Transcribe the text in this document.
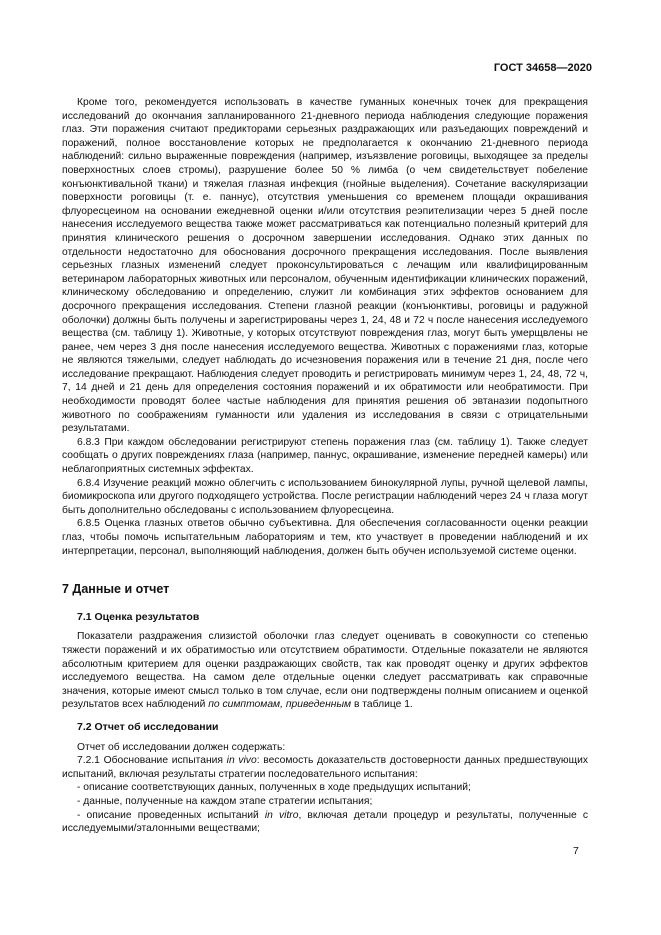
ГОСТ 34658—2020

Кроме того, рекомендуется использовать в качестве гуманных конечных точек для прекращения исследований до окончания запланированного 21-дневного периода наблюдения следующие поражения глаз. Эти поражения считают предикторами серьезных раздражающих или разъедающих повреждений и поражений, полное восстановление которых не предполагается к окончанию 21-дневного периода наблюдений: сильно выраженные повреждения (например, изъязвление роговицы, выходящее за пределы поверхностных слоев стромы), разрушение более 50 % лимба (о чем свидетельствует побеление конъюнктивальной ткани) и тяжелая глазная инфекция (гнойные выделения). Сочетание васкуляризации поверхности роговицы (т. е. паннус), отсутствия уменьшения со временем площади окрашивания флуоресцеином на основании ежедневной оценки и/или отсутствия реэпителизации через 5 дней после нанесения исследуемого вещества также может рассматриваться как потенциально полезный критерий для принятия клинического решения о досрочном завершении исследования. Однако этих данных по отдельности недостаточно для обоснования досрочного прекращения исследования. После выявления серьезных глазных изменений следует проконсультироваться с лечащим или квалифицированным ветеринаром лабораторных животных или персоналом, обученным идентификации клинических поражений, клиническому обследованию и определению, служит ли комбинация этих эффектов основанием для досрочного прекращения исследования. Степени глазной реакции (конъюнктивы, роговицы и радужной оболочки) должны быть получены и зарегистрированы через 1, 24, 48 и 72 ч после нанесения исследуемого вещества (см. таблицу 1). Животные, у которых отсутствуют повреждения глаз, могут быть умерщвлены не ранее, чем через 3 дня после нанесения исследуемого вещества. Животных с поражениями глаз, которые не являются тяжелыми, следует наблюдать до исчезновения поражения или в течение 21 дня, после чего исследование прекращают. Наблюдения следует проводить и регистрировать минимум через 1, 24, 48, 72 ч, 7, 14 дней и 21 день для определения состояния поражений и их обратимости или необратимости. При необходимости проводят более частые наблюдения для принятия решения об эвтаназии подопытного животного по соображениям гуманности или удаления из исследования в связи с отрицательными результатами.

6.8.3 При каждом обследовании регистрируют степень поражения глаз (см. таблицу 1). Также следует сообщать о других повреждениях глаза (например, паннус, окрашивание, изменение передней камеры) или неблагоприятных системных эффектах.

6.8.4 Изучение реакций можно облегчить с использованием бинокулярной лупы, ручной щелевой лампы, биомикроскопа или другого подходящего устройства. После регистрации наблюдений через 24 ч глаза могут быть дополнительно обследованы с использованием флуоресцеина.

6.8.5 Оценка глазных ответов обычно субъективна. Для обеспечения согласованности оценки реакции глаз, чтобы помочь испытательным лабораториям и тем, кто участвует в проведении наблюдений и их интерпретации, персонал, выполняющий наблюдения, должен быть обучен используемой системе оценки.

7 Данные и отчет
7.1 Оценка результатов

Показатели раздражения слизистой оболочки глаз следует оценивать в совокупности со степенью тяжести поражений и их обратимостью или отсутствием обратимости. Отдельные показатели не являются абсолютным критерием для оценки раздражающих свойств, так как проводят оценку и других эффектов исследуемого вещества. На самом деле отдельные оценки следует рассматривать как справочные значения, которые имеют смысл только в том случае, если они подтверждены полным описанием и оценкой результатов всех наблюдений по симптомам, приведенным в таблице 1.

7.2 Отчет об исследовании

Отчет об исследовании должен содержать:

7.2.1 Обоснование испытания in vivo: весомость доказательств достоверности данных предшествующих испытаний, включая результаты стратегии последовательного испытания:

- описание соответствующих данных, полученных в ходе предыдущих испытаний;

- данные, полученные на каждом этапе стратегии испытания;

- описание проведенных испытаний in vitro, включая детали процедур и результаты, полученные с исследуемыми/эталонными веществами;

7
